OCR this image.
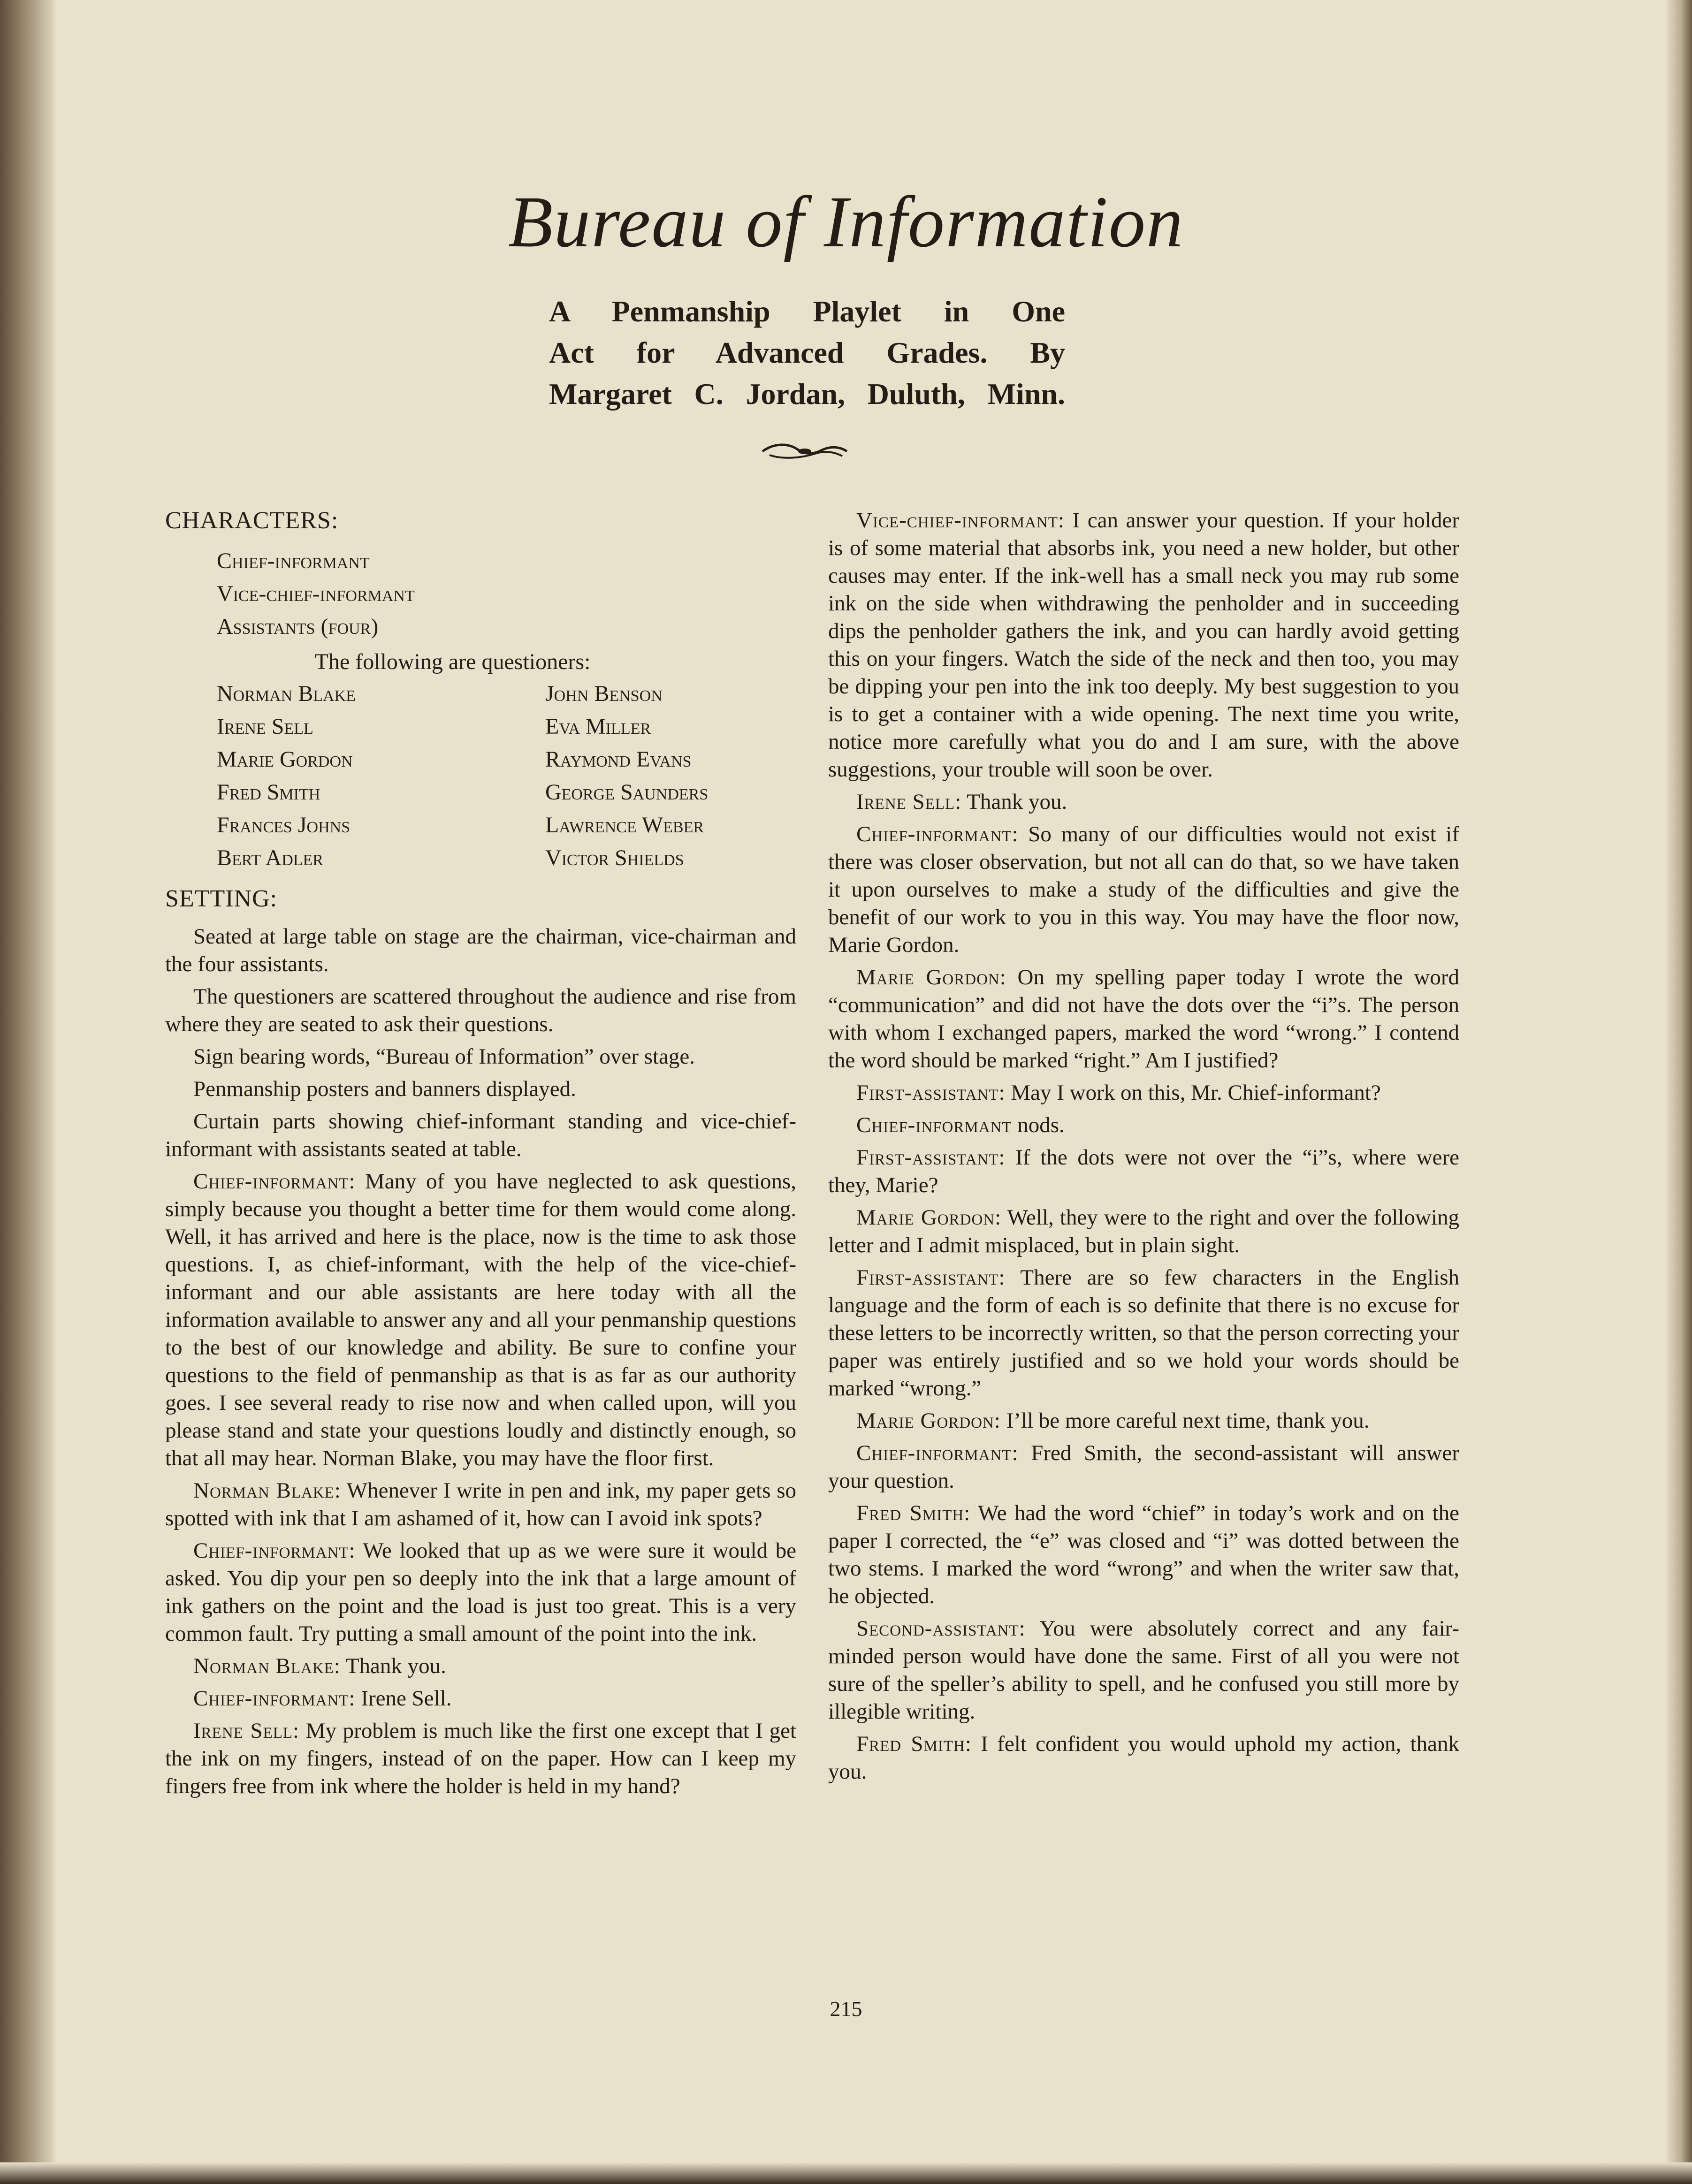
Bureau of Information
A Penmanship Playlet in One
Act for Advanced Grades. By
Margaret C. Jordan, Duluth, Minn.
CHARACTERS:
Chief-informant
Vice-chief-informant
Assistants (four)
The following are questioners:
Norman Blake	John Benson
Irene Sell	Eva Miller
Marie Gordon	Raymond Evans
Fred Smith	George Saunders
Frances Johns	Lawrence Weber
Bert Adler	Victor Shields
SETTING:

Seated at large table on stage are the chairman, vice-chairman and the four assistants.

The questioners are scattered throughout the audience and rise from where they are seated to ask their questions.

Sign bearing words, “Bureau of Information” over stage.

Penmanship posters and banners displayed.

Curtain parts showing chief-informant standing and vice-chief-informant with assistants seated at table.

Chief-informant: Many of you have neglected to ask questions, simply because you thought a better time for them would come along. Well, it has arrived and here is the place, now is the time to ask those questions. I, as chief-informant, with the help of the vice-chief-informant and our able assistants are here today with all the information available to answer any and all your penmanship questions to the best of our knowledge and ability. Be sure to confine your questions to the field of penmanship as that is as far as our authority goes. I see several ready to rise now and when called upon, will you please stand and state your questions loudly and distinctly enough, so that all may hear. Norman Blake, you may have the floor first.

Norman Blake: Whenever I write in pen and ink, my paper gets so spotted with ink that I am ashamed of it, how can I avoid ink spots?

Chief-informant: We looked that up as we were sure it would be asked. You dip your pen so deeply into the ink that a large amount of ink gathers on the point and the load is just too great. This is a very common fault. Try putting a small amount of the point into the ink.

Norman Blake: Thank you.

Chief-informant: Irene Sell.

Irene Sell: My problem is much like the first one except that I get the ink on my fingers, instead of on the paper. How can I keep my fingers free from ink where the holder is held in my hand?

Vice-chief-informant: I can answer your question. If your holder is of some material that absorbs ink, you need a new holder, but other causes may enter. If the ink-well has a small neck you may rub some ink on the side when withdrawing the penholder and in succeeding dips the penholder gathers the ink, and you can hardly avoid getting this on your fingers. Watch the side of the neck and then too, you may be dipping your pen into the ink too deeply. My best suggestion to you is to get a container with a wide opening. The next time you write, notice more carefully what you do and I am sure, with the above suggestions, your trouble will soon be over.

Irene Sell: Thank you.

Chief-informant: So many of our difficulties would not exist if there was closer observation, but not all can do that, so we have taken it upon ourselves to make a study of the difficulties and give the benefit of our work to you in this way. You may have the floor now, Marie Gordon.

Marie Gordon: On my spelling paper today I wrote the word “communication” and did not have the dots over the “i”s. The person with whom I exchanged papers, marked the word “wrong.” I contend the word should be marked “right.” Am I justified?

First-assistant: May I work on this, Mr. Chief-informant?

Chief-informant nods.

First-assistant: If the dots were not over the “i”s, where were they, Marie?

Marie Gordon: Well, they were to the right and over the following letter and I admit misplaced, but in plain sight.

First-assistant: There are so few characters in the English language and the form of each is so definite that there is no excuse for these letters to be incorrectly written, so that the person correcting your paper was entirely justified and so we hold your words should be marked “wrong.”

Marie Gordon: I’ll be more careful next time, thank you.

Chief-informant: Fred Smith, the second-assistant will answer your question.

Fred Smith: We had the word “chief” in today’s work and on the paper I corrected, the “e” was closed and “i” was dotted between the two stems. I marked the word “wrong” and when the writer saw that, he objected.

Second-assistant: You were absolutely correct and any fair-minded person would have done the same. First of all you were not sure of the speller’s ability to spell, and he confused you still more by illegible writing.

Fred Smith: I felt confident you would uphold my action, thank you.

215
